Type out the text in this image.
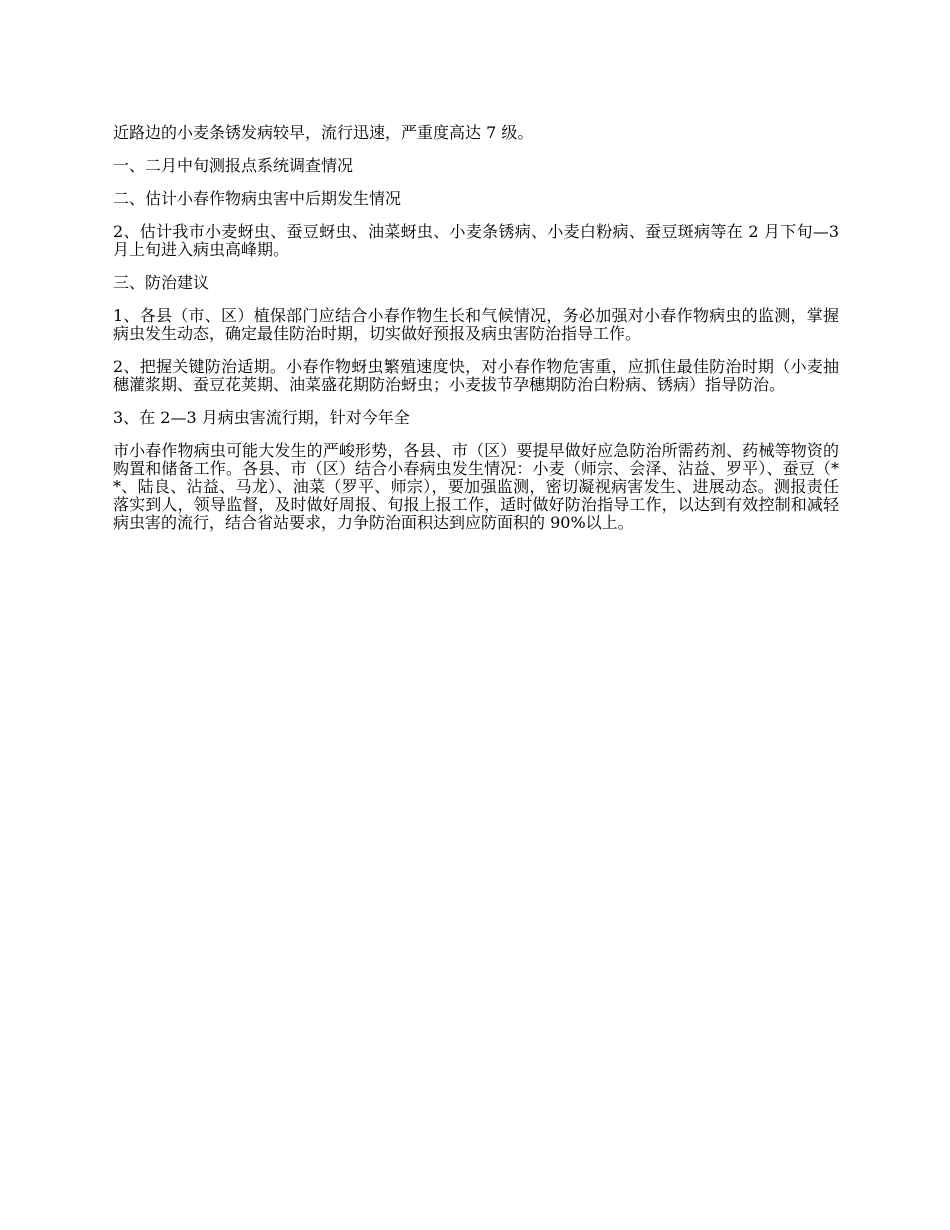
近路边的小麦条锈发病较早，流行迅速，严重度高达 7 级。

一、二月中旬测报点系统调查情况

二、估计小春作物病虫害中后期发生情况

2、估计我市小麦蚜虫、蚕豆蚜虫、油菜蚜虫、小麦条锈病、小麦白粉病、蚕豆斑病等在 2 月下旬—3 月上旬进入病虫高峰期。

三、防治建议

1、各县（市、区）植保部门应结合小春作物生长和气候情况，务必加强对小春作物病虫的监测，掌握病虫发生动态，确定最佳防治时期，切实做好预报及病虫害防治指导工作。

2、把握关键防治适期。小春作物蚜虫繁殖速度快，对小春作物危害重，应抓住最佳防治时期（小麦抽穗灌浆期、蚕豆花荚期、油菜盛花期防治蚜虫；小麦拔节孕穗期防治白粉病、锈病）指导防治。

3、在 2—3 月病虫害流行期，针对今年全

市小春作物病虫可能大发生的严峻形势，各县、市（区）要提早做好应急防治所需药剂、药械等物资的购置和储备工作。各县、市（区）结合小春病虫发生情况：小麦（师宗、会泽、沾益、罗平）、蚕豆（**、陆良、沾益、马龙）、油菜（罗平、师宗），要加强监测，密切凝视病害发生、进展动态。测报责任落实到人，领导监督，及时做好周报、旬报上报工作，适时做好防治指导工作，以达到有效控制和减轻病虫害的流行，结合省站要求，力争防治面积达到应防面积的 90%以上。
